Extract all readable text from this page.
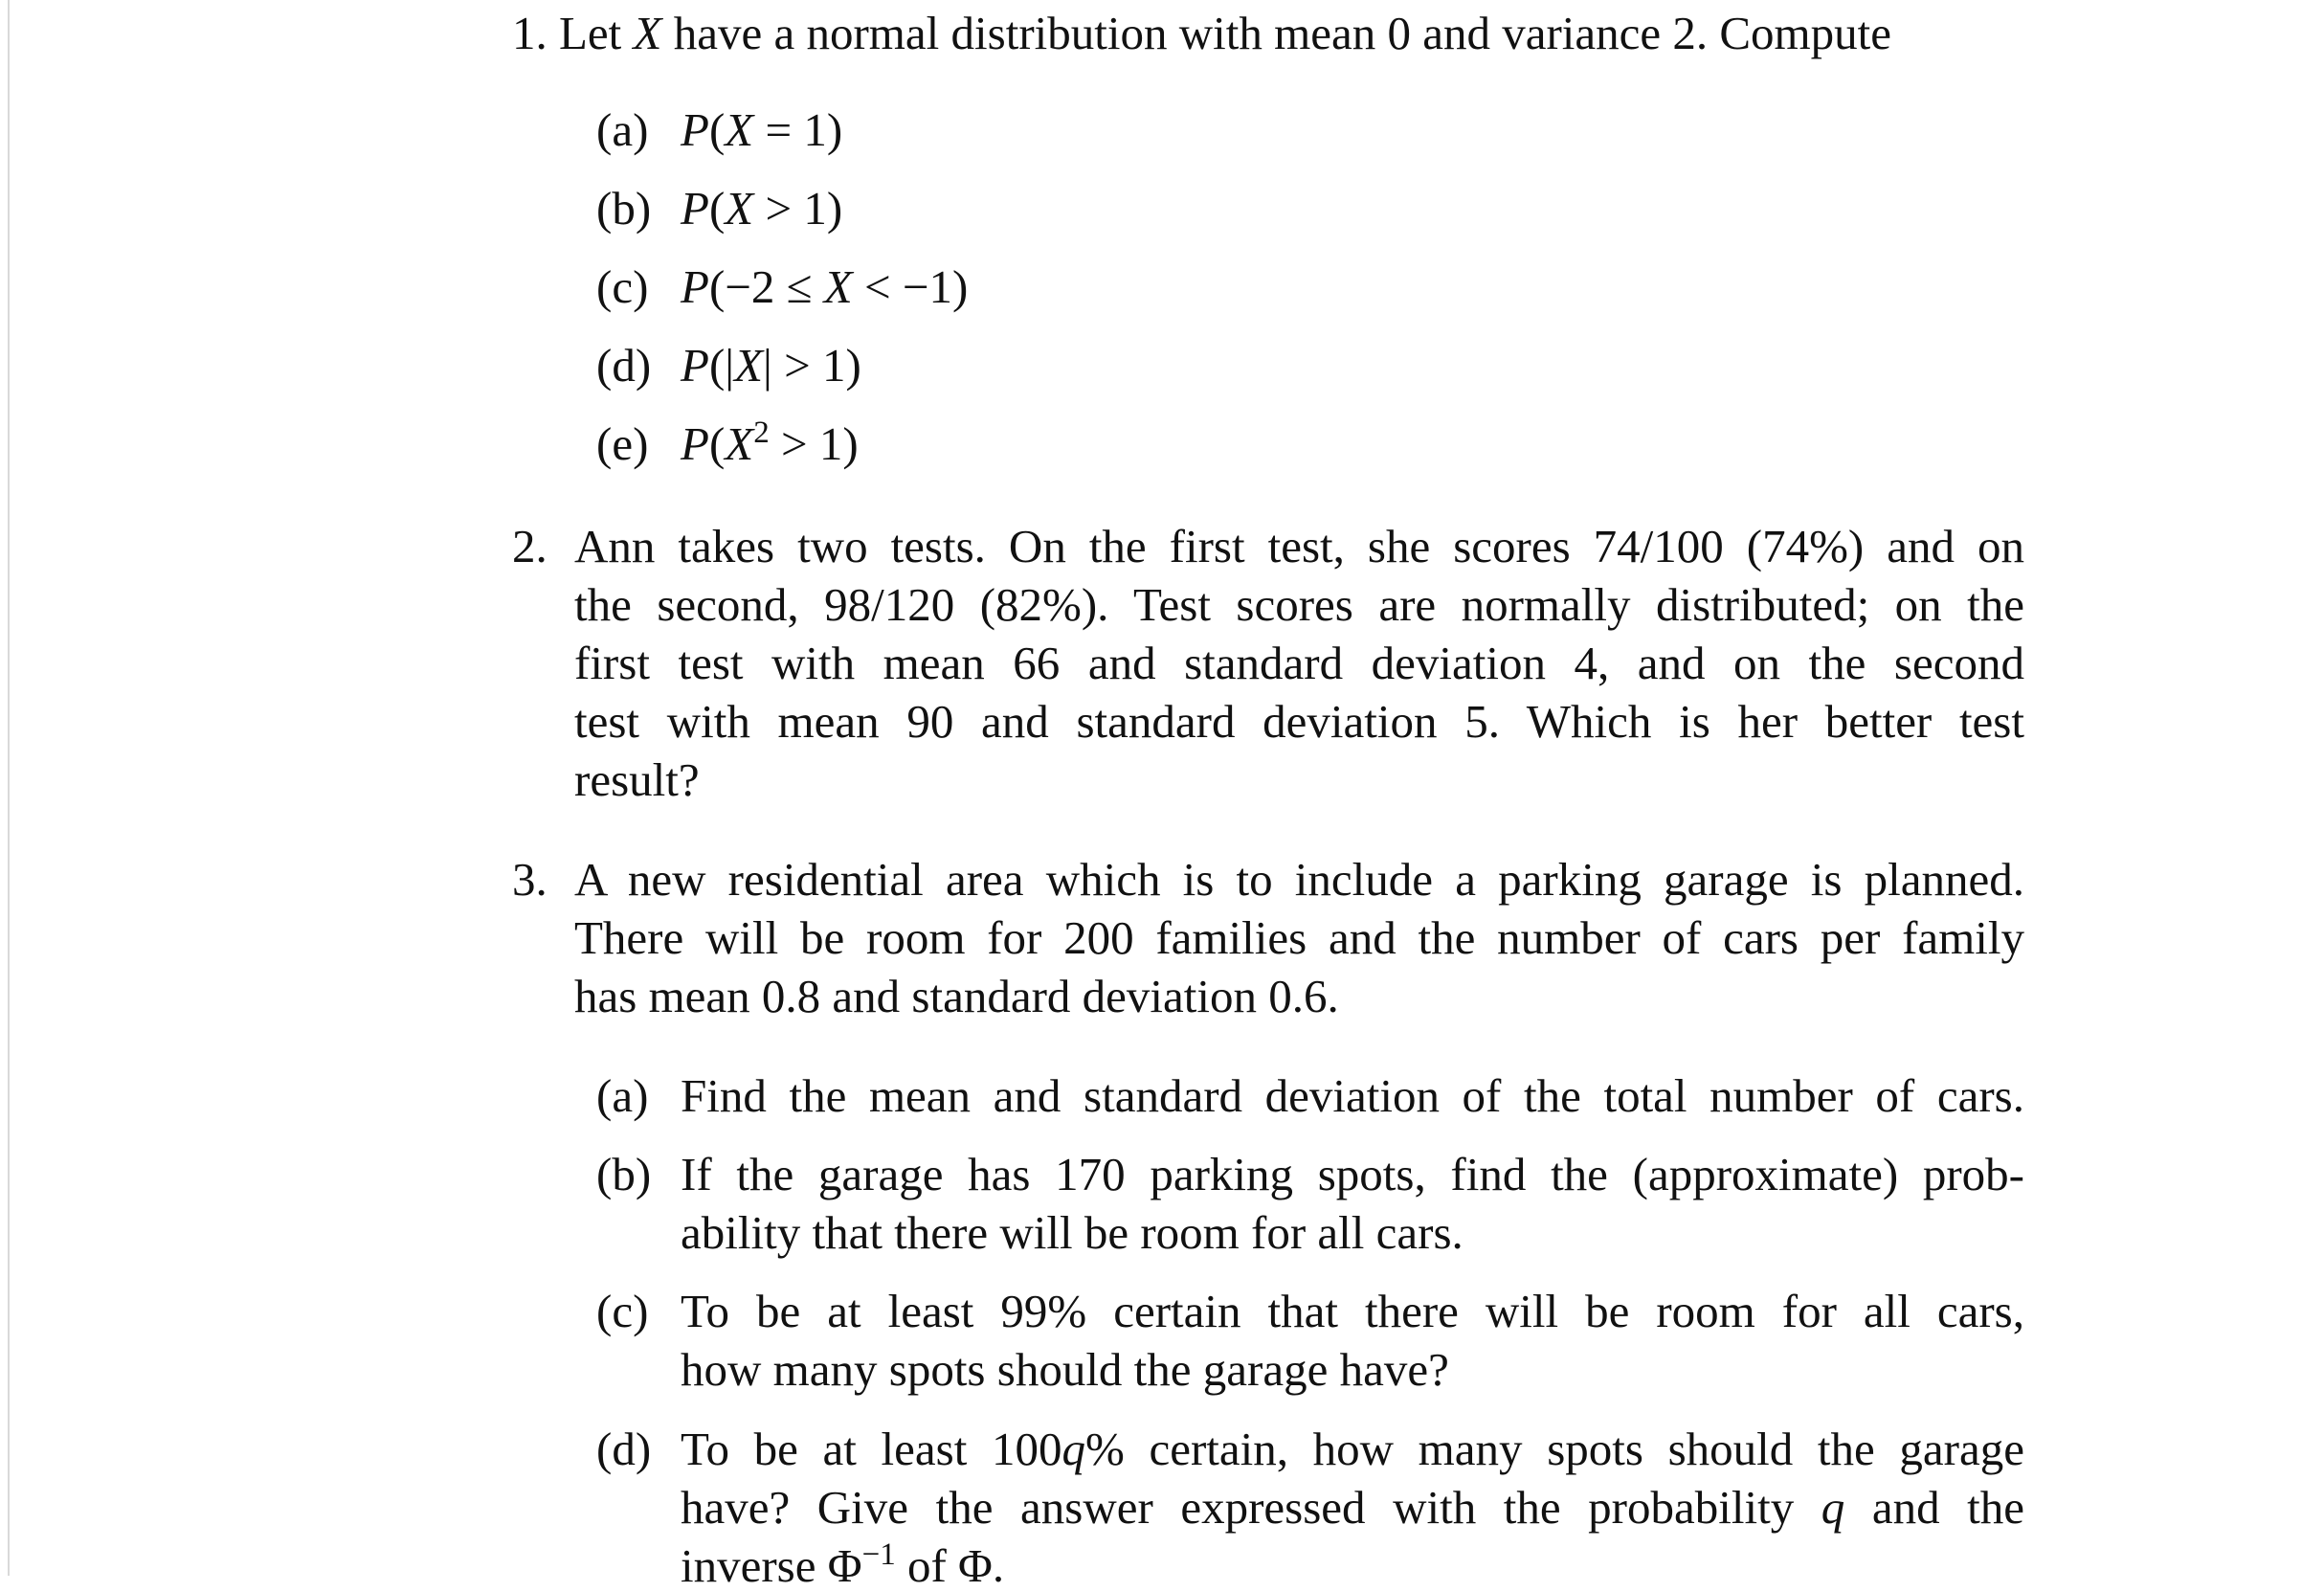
1. Let X have a normal distribution with mean 0 and variance 2. Compute
(a) P(X = 1)
(b) P(X > 1)
(c) P(−2 ≤ X < −1)
(d) P(|X| > 1)
(e) $P(X^2 > 1)$
2. Ann takes two tests. On the first test, she scores 74/100 (74%) and on
the second, 98/120 (82%). Test scores are normally distributed; on the
first test with mean 66 and standard deviation 4, and on the second
test with mean 90 and standard deviation 5. Which is her better test
result?
3. A new residential area which is to include a parking garage is planned.
There will be room for 200 families and the number of cars per family
has mean 0.8 and standard deviation 0.6.
(a) Find the mean and standard deviation of the total number of cars.
(b) If the garage has 170 parking spots, find the (approximate) prob-
ability that there will be room for all cars.
(c) To be at least 99% certain that there will be room for all cars,
how many spots should the garage have?
(d) To be at least 100q% certain, how many spots should the garage
have? Give the answer expressed with the probability q and the
inverse $\Phi^{-1}$ of Φ.
